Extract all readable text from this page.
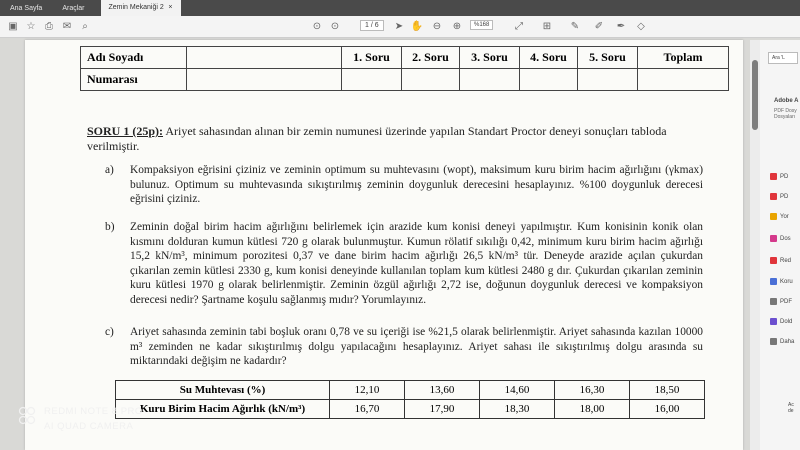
Ana Sayfa	Araçlar	Zemin Mekaniği 2 ×
▣ ☆ ⎙ ✉	⌕	⊙ ⊙	1 / 6	➤ ✋ ⊖ ⊕	%168	⤢	⊞ ✎ ✐ ✒	◇
Adı Soyadı		1. Soru	2. Soru	3. Soru	4. Soru	5. Soru	Toplam
Numarası							
SORU 1 (25p): Ariyet sahasından alınan bir zemin numunesi üzerinde yapılan Standart Proctor deneyi sonuçları tabloda verilmiştir.
a) Kompaksiyon eğrisini çiziniz ve zeminin optimum su muhtevasını (wopt), maksimum kuru birim hacim ağırlığını (γkmax) bulunuz. Optimum su muhtevasında sıkıştırılmış zeminin doygunluk derecesini hesaplayınız. %100 doygunluk derecesi eğrisini çiziniz.
b) Zeminin doğal birim hacim ağırlığını belirlemek için arazide kum konisi deneyi yapılmıştır. Kum konisinin konik olan kısmını dolduran kumun kütlesi 720 g olarak bulunmuştur. Kumun rölatif sıkılığı 0,42, minimum kuru birim hacim ağırlığı 15,2 kN/m³, minimum porozitesi 0,37 ve dane birim hacim ağırlığı 26,5 kN/m³ tür. Deneyde arazide açılan çukurdan çıkarılan zemin kütlesi 2330 g, kum konisi deneyinde kullanılan toplam kum kütlesi 2480 g dır. Çukurdan çıkarılan zeminin kuru kütlesi 1970 g olarak belirlenmiştir. Zeminin özgül ağırlığı 2,72 ise, doğunun doygunluk derecesi ve kompaksiyon derecesi nedir? Şartname koşulu sağlanmış mıdır? Yorumlayınız.
c) Ariyet sahasında zeminin tabi boşluk oranı 0,78 ve su içeriği ise %21,5 olarak belirlenmiştir. Ariyet sahasında kazılan 10000 m³ zeminden ne kadar sıkıştırılmış dolgu yapılacağını hesaplayınız. Ariyet sahası ile sıkıştırılmış dolgu arasında su miktarındaki değişim ne kadardır?
Su Muhtevası (%)	12,10	13,60	14,60	16,30	18,50
Kuru Birim Hacim Ağırlık (kN/m³)	16,70	17,90	18,30	18,00	16,00
Ara 'L
Adobe A
PDF Dosy Dosyaları
PD
PD
Yor
Dos
Red
Koru
PDF
Dold
Daha
Ac de
REDMI NOTE 8 PRO
AI QUAD CAMERA
